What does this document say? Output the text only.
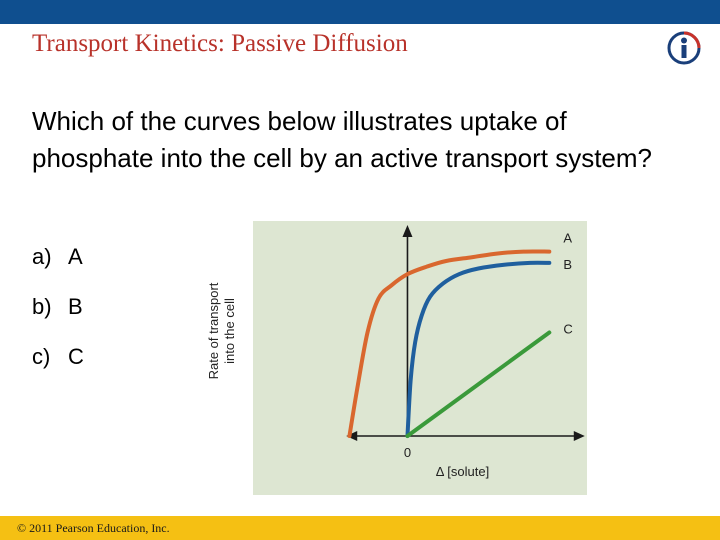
Transport Kinetics: Passive Diffusion
Which of the curves below illustrates uptake of phosphate into the cell by an active transport system?
a) A
b) B
c) C
0
Δ [solute]
Rate of transport into the cell
A
B
C
© 2011 Pearson Education, Inc.
